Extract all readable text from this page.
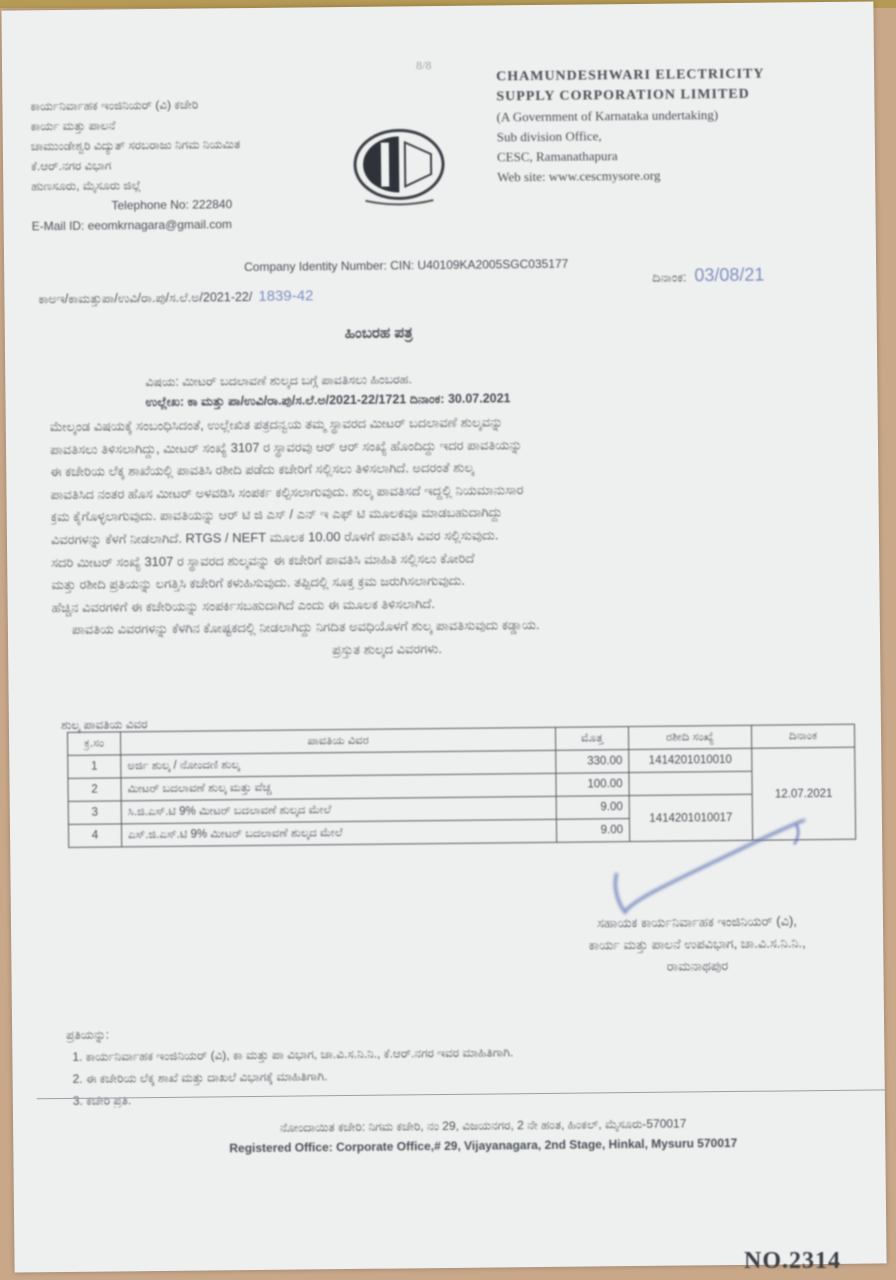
8/8
ಕಾರ್ಯನಿರ್ವಾಹಕ ಇಂಜಿನಿಯರ್ (ವಿ) ಕಚೇರಿ
ಕಾರ್ಯ ಮತ್ತು ಪಾಲನೆ
ಚಾಮುಂಡೇಶ್ವರಿ ವಿದ್ಯುತ್ ಸರಬರಾಜು ನಿಗಮ ನಿಯಮಿತ
ಕೆ.ಆರ್.ನಗರ ವಿಭಾಗ
ಹುಣಸೂರು, ಮೈಸೂರು ಜಿಲ್ಲೆ
Telephone No: 222840
E-Mail ID: eeomkrnagara@gmail.com
CHAMUNDESHWARI ELECTRICITY
SUPPLY CORPORATION LIMITED
(A Government of Karnataka undertaking)
Sub division Office,
CESC, Ramanathapura
Web site: www.cescmysore.org
Company Identity Number: CIN: U40109KA2005SGC035177
ಕಾಅಇ/ಕಾಮತ್ತುಪಾ/ಉವಿ/ರಾ.ಪು/ಸ.ಲೆ.ಅ/2021-22/ 1839-42
ದಿನಾಂಕ: 03/08/21
ಹಿಂಬರಹ ಪತ್ರ
ವಿಷಯ: ಮೀಟರ್ ಬದಲಾವಣೆ ಶುಲ್ಕದ ಬಗ್ಗೆ ಪಾವತಿಸಲು ಹಿಂಬರಹ.
ಉಲ್ಲೇಖ: ಕಾ ಮತ್ತು ಪಾ/ಉವಿ/ರಾ.ಪು/ಸ.ಲೆ.ಅ/2021-22/1721 ದಿನಾಂಕ: 30.07.2021

ಮೇಲ್ಕಂಡ ವಿಷಯಕ್ಕೆ ಸಂಬಂಧಿಸಿದಂತೆ, ಉಲ್ಲೇಖಿತ ಪತ್ರದನ್ವಯ ತಮ್ಮ ಸ್ಥಾವರದ ಮೀಟರ್ ಬದಲಾವಣೆ ಶುಲ್ಕವನ್ನು

ಪಾವತಿಸಲು ತಿಳಿಸಲಾಗಿದ್ದು, ಮೀಟರ್ ಸಂಖ್ಯೆ 3107 ರ ಸ್ಥಾವರವು ಆರ್ ಆರ್ ಸಂಖ್ಯೆ ಹೊಂದಿದ್ದು ಇದರ ಪಾವತಿಯನ್ನು

ಈ ಕಚೇರಿಯ ಲೆಕ್ಕ ಶಾಖೆಯಲ್ಲಿ ಪಾವತಿಸಿ ರಶೀದಿ ಪಡೆದು ಕಚೇರಿಗೆ ಸಲ್ಲಿಸಲು ತಿಳಿಸಲಾಗಿದೆ. ಅದರಂತೆ ಶುಲ್ಕ

ಪಾವತಿಸಿದ ನಂತರ ಹೊಸ ಮೀಟರ್ ಅಳವಡಿಸಿ ಸಂಪರ್ಕ ಕಲ್ಪಿಸಲಾಗುವುದು. ಶುಲ್ಕ ಪಾವತಿಸದೆ ಇದ್ದಲ್ಲಿ ನಿಯಮಾನುಸಾರ

ಕ್ರಮ ಕೈಗೊಳ್ಳಲಾಗುವುದು. ಪಾವತಿಯನ್ನು ಆರ್ ಟಿ ಜಿ ಎಸ್ / ಎನ್ ಇ ಎಫ್ ಟಿ ಮೂಲಕವೂ ಮಾಡಬಹುದಾಗಿದ್ದು

ವಿವರಗಳನ್ನು ಕೆಳಗೆ ನೀಡಲಾಗಿದೆ. RTGS / NEFT ಮೂಲಕ 10.00 ರೊಳಗೆ ಪಾವತಿಸಿ ವಿವರ ಸಲ್ಲಿಸುವುದು.

ಸದರಿ ಮೀಟರ್ ಸಂಖ್ಯೆ 3107 ರ ಸ್ಥಾವರದ ಶುಲ್ಕವನ್ನು ಈ ಕಚೇರಿಗೆ ಪಾವತಿಸಿ ಮಾಹಿತಿ ಸಲ್ಲಿಸಲು ಕೋರಿದೆ

ಮತ್ತು ರಶೀದಿ ಪ್ರತಿಯನ್ನು ಲಗತ್ತಿಸಿ ಕಚೇರಿಗೆ ಕಳುಹಿಸುವುದು. ತಪ್ಪಿದಲ್ಲಿ ಸೂಕ್ತ ಕ್ರಮ ಜರುಗಿಸಲಾಗುವುದು.

ಹೆಚ್ಚಿನ ವಿವರಗಳಿಗೆ ಈ ಕಚೇರಿಯನ್ನು ಸಂಪರ್ಕಿಸಬಹುದಾಗಿದೆ ಎಂದು ಈ ಮೂಲಕ ತಿಳಿಸಲಾಗಿದೆ.

ಪಾವತಿಯ ವಿವರಗಳನ್ನು ಕೆಳಗಿನ ಕೋಷ್ಟಕದಲ್ಲಿ ನೀಡಲಾಗಿದ್ದು ನಿಗದಿತ ಅವಧಿಯೊಳಗೆ ಶುಲ್ಕ ಪಾವತಿಸುವುದು ಕಡ್ಡಾಯ.

ಪ್ರಸ್ತುತ ಶುಲ್ಕದ ವಿವರಗಳು.

ಶುಲ್ಕ ಪಾವತಿಯ ವಿವರ
ಕ್ರ.ಸಂ	ಪಾವತಿಯ ವಿವರ	ಮೊತ್ತ	ರಶೀದಿ ಸಂಖ್ಯೆ	ದಿನಾಂಕ
1	ಅರ್ಜಿ ಶುಲ್ಕ / ನೋಂದಣಿ ಶುಲ್ಕ	330.00	1414201010010	12.07.2021
2	ಮೀಟರ್ ಬದಲಾವಣೆ ಶುಲ್ಕ ಮತ್ತು ವೆಚ್ಚ	100.00		
3	ಸಿ.ಜಿ.ಎಸ್.ಟಿ 9% ಮೀಟರ್ ಬದಲಾವಣೆ ಶುಲ್ಕದ ಮೇಲೆ	9.00	1414201010017	
4	ಎಸ್.ಜಿ.ಎಸ್.ಟಿ 9% ಮೀಟರ್ ಬದಲಾವಣೆ ಶುಲ್ಕದ ಮೇಲೆ	9.00		
ಸಹಾಯಕ ಕಾರ್ಯನಿರ್ವಾಹಕ ಇಂಜಿನಿಯರ್ (ವಿ),
ಕಾರ್ಯ ಮತ್ತು ಪಾಲನೆ ಉಪವಿಭಾಗ, ಚಾ.ವಿ.ಸ.ನಿ.ನಿ.,
ರಾಮನಾಥಪುರ
ಪ್ರತಿಯನ್ನು:
1. ಕಾರ್ಯನಿರ್ವಾಹಕ ಇಂಜಿನಿಯರ್ (ವಿ), ಕಾ ಮತ್ತು ಪಾ ವಿಭಾಗ, ಚಾ.ವಿ.ಸ.ನಿ.ನಿ., ಕೆ.ಆರ್.ನಗರ ಇವರ ಮಾಹಿತಿಗಾಗಿ.
2. ಈ ಕಚೇರಿಯ ಲೆಕ್ಕ ಶಾಖೆ ಮತ್ತು ದಾಖಲೆ ವಿಭಾಗಕ್ಕೆ ಮಾಹಿತಿಗಾಗಿ.
3. ಕಚೇರಿ ಪ್ರತಿ.
ನೋಂದಾಯಿತ ಕಚೇರಿ: ನಿಗಮ ಕಚೇರಿ, ನಂ 29, ವಿಜಯನಗರ, 2 ನೇ ಹಂತ, ಹಿಂಕಲ್, ಮೈಸೂರು-570017
Registered Office: Corporate Office,# 29, Vijayanagara, 2nd Stage, Hinkal, Mysuru 570017
NO.2314
